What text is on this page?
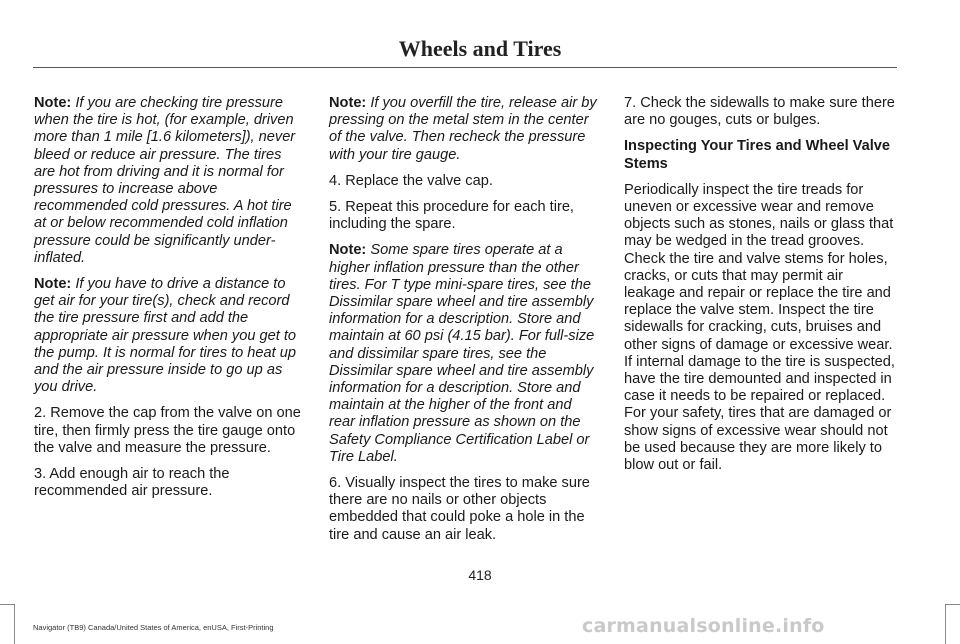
Wheels and Tires

Note: If you are checking tire pressure when the tire is hot, (for example, driven more than 1 mile [1.6 kilometers]), never bleed or reduce air pressure. The tires are hot from driving and it is normal for pressures to increase above recommended cold pressures. A hot tire at or below recommended cold inflation pressure could be significantly under-inflated.

Note: If you have to drive a distance to get air for your tire(s), check and record the tire pressure first and add the appropriate air pressure when you get to the pump. It is normal for tires to heat up and the air pressure inside to go up as you drive.

2. Remove the cap from the valve on one tire, then firmly press the tire gauge onto the valve and measure the pressure.

3. Add enough air to reach the recommended air pressure.

Note: If you overfill the tire, release air by pressing on the metal stem in the center of the valve. Then recheck the pressure with your tire gauge.

4. Replace the valve cap.

5. Repeat this procedure for each tire, including the spare.

Note: Some spare tires operate at a higher inflation pressure than the other tires. For T type mini-spare tires, see the Dissimilar spare wheel and tire assembly information for a description. Store and maintain at 60 psi (4.15 bar). For full-size and dissimilar spare tires, see the Dissimilar spare wheel and tire assembly information for a description. Store and maintain at the higher of the front and rear inflation pressure as shown on the Safety Compliance Certification Label or Tire Label.

6. Visually inspect the tires to make sure there are no nails or other objects embedded that could poke a hole in the tire and cause an air leak.

7. Check the sidewalls to make sure there are no gouges, cuts or bulges.

Inspecting Your Tires and Wheel Valve Stems

Periodically inspect the tire treads for uneven or excessive wear and remove objects such as stones, nails or glass that may be wedged in the tread grooves. Check the tire and valve stems for holes, cracks, or cuts that may permit air leakage and repair or replace the tire and replace the valve stem. Inspect the tire sidewalls for cracking, cuts, bruises and other signs of damage or excessive wear. If internal damage to the tire is suspected, have the tire demounted and inspected in case it needs to be repaired or replaced. For your safety, tires that are damaged or show signs of excessive wear should not be used because they are more likely to blow out or fail.

418
Navigator (TB9) Canada/United States of America, enUSA, First-Printing	carmanualsonline.info
